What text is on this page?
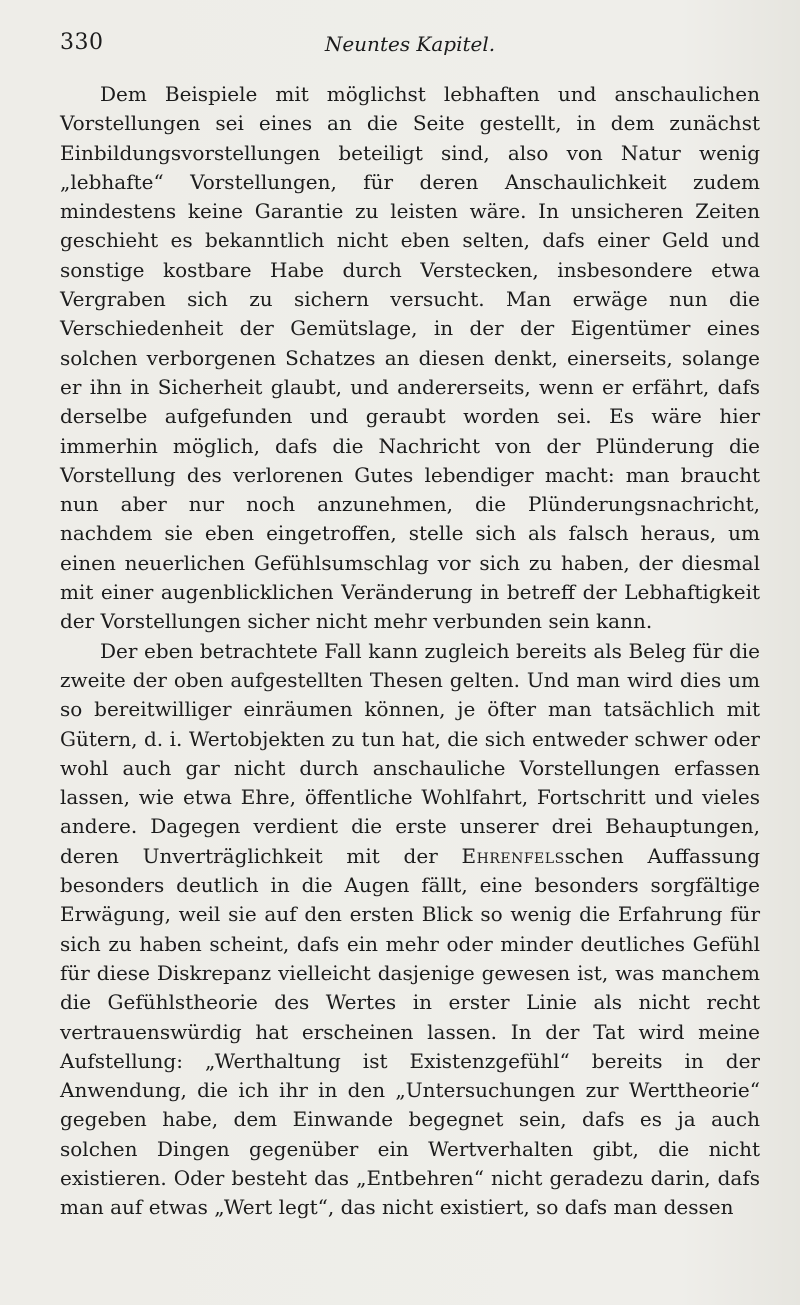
330	Neuntes Kapitel.

Dem Beispiele mit möglichst lebhaften und anschaulichen Vorstellungen sei eines an die Seite gestellt, in dem zunächst Einbildungsvorstellungen beteiligt sind, also von Natur wenig „lebhafte“ Vorstellungen, für deren Anschaulichkeit zudem mindestens keine Garantie zu leisten wäre. In unsicheren Zeiten geschieht es bekanntlich nicht eben selten, dafs einer Geld und sonstige kostbare Habe durch Verstecken, insbesondere etwa Vergraben sich zu sichern versucht. Man erwäge nun die Verschiedenheit der Gemütslage, in der der Eigentümer eines solchen verborgenen Schatzes an diesen denkt, einerseits, solange er ihn in Sicherheit glaubt, und andererseits, wenn er erfährt, dafs derselbe aufgefunden und geraubt worden sei. Es wäre hier immerhin möglich, dafs die Nachricht von der Plünderung die Vorstellung des verlorenen Gutes lebendiger macht: man braucht nun aber nur noch anzunehmen, die Plünderungsnachricht, nachdem sie eben eingetroffen, stelle sich als falsch heraus, um einen neuerlichen Gefühlsumschlag vor sich zu haben, der diesmal mit einer augenblicklichen Veränderung in betreff der Lebhaftigkeit der Vorstellungen sicher nicht mehr verbunden sein kann.

Der eben betrachtete Fall kann zugleich bereits als Beleg für die zweite der oben aufgestellten Thesen gelten. Und man wird dies um so bereitwilliger einräumen können, je öfter man tatsächlich mit Gütern, d. i. Wertobjekten zu tun hat, die sich entweder schwer oder wohl auch gar nicht durch anschauliche Vorstellungen erfassen lassen, wie etwa Ehre, öffentliche Wohlfahrt, Fortschritt und vieles andere. Dagegen verdient die erste unserer drei Behauptungen, deren Unverträglichkeit mit der Ehrenfelsschen Auffassung besonders deutlich in die Augen fällt, eine besonders sorgfältige Erwägung, weil sie auf den ersten Blick so wenig die Erfahrung für sich zu haben scheint, dafs ein mehr oder minder deutliches Gefühl für diese Diskrepanz vielleicht dasjenige gewesen ist, was manchem die Gefühlstheorie des Wertes in erster Linie als nicht recht vertrauenswürdig hat erscheinen lassen. In der Tat wird meine Aufstellung: „Werthaltung ist Existenzgefühl“ bereits in der Anwendung, die ich ihr in den „Untersuchungen zur Werttheorie“ gegeben habe, dem Einwande begegnet sein, dafs es ja auch solchen Dingen gegenüber ein Wertverhalten gibt, die nicht existieren. Oder besteht das „Entbehren“ nicht geradezu darin, dafs man auf etwas „Wert legt“, das nicht existiert, so dafs man dessen
